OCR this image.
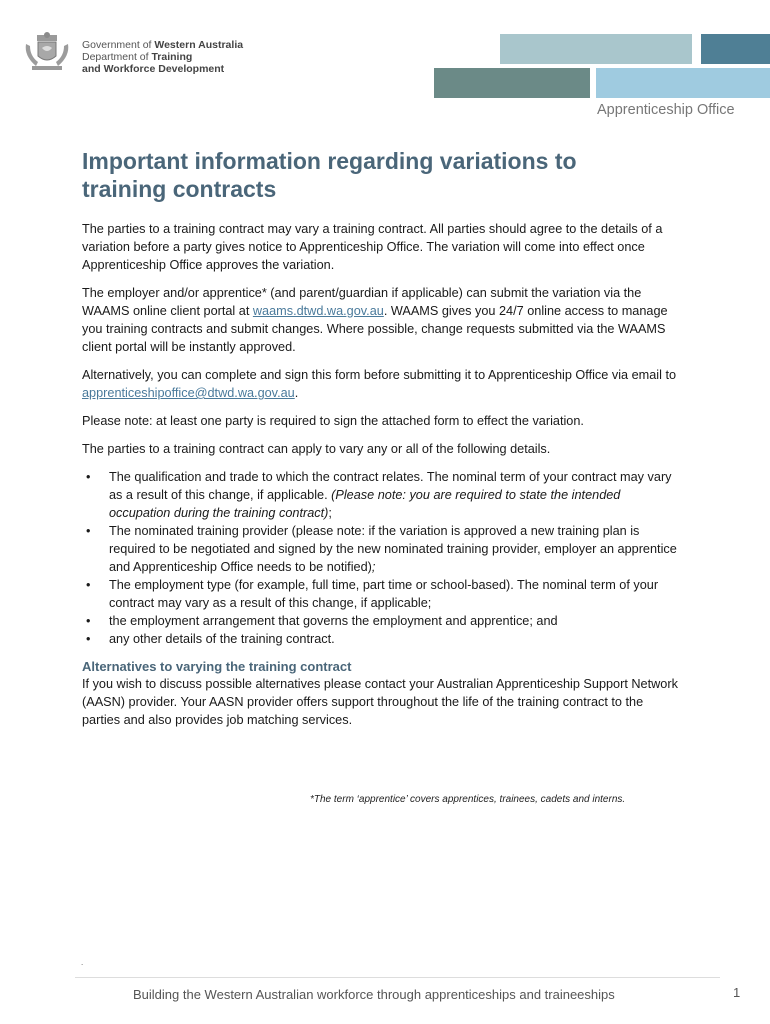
Government of Western Australia
Department of Training
and Workforce Development
Apprenticeship Office
Important information regarding variations to
training contracts

The parties to a training contract may vary a training contract. All parties should agree to the details of a variation before a party gives notice to Apprenticeship Office. The variation will come into effect once Apprenticeship Office approves the variation.

The employer and/or apprentice* (and parent/guardian if applicable) can submit the variation via the WAAMS online client portal at waams.dtwd.wa.gov.au. WAAMS gives you 24/7 online access to manage you training contracts and submit changes. Where possible, change requests submitted via the WAAMS client portal will be instantly approved.

Alternatively, you can complete and sign this form before submitting it to Apprenticeship Office via email to apprenticeshipoffice@dtwd.wa.gov.au.

Please note: at least one party is required to sign the attached form to effect the variation.

The parties to a training contract can apply to vary any or all of the following details.

• The qualification and trade to which the contract relates. The nominal term of your contract may vary as a result of this change, if applicable. (Please note: you are required to state the intended occupation during the training contract);
• The nominated training provider (please note: if the variation is approved a new training plan is required to be negotiated and signed by the new nominated training provider, employer an apprentice and Apprenticeship Office needs to be notified);
• The employment type (for example, full time, part time or school-based). The nominal term of your contract may vary as a result of this change, if applicable;
• the employment arrangement that governs the employment and apprentice; and
• any other details of the training contract.
Alternatives to varying the training contract

If you wish to discuss possible alternatives please contact your Australian Apprenticeship Support Network (AASN) provider. Your AASN provider offers support throughout the life of the training contract to the parties and also provides job matching services.

*The term ‘apprentice’ covers apprentices, trainees, cadets and interns.
.
Building the Western Australian workforce through apprenticeships and traineeships	1
